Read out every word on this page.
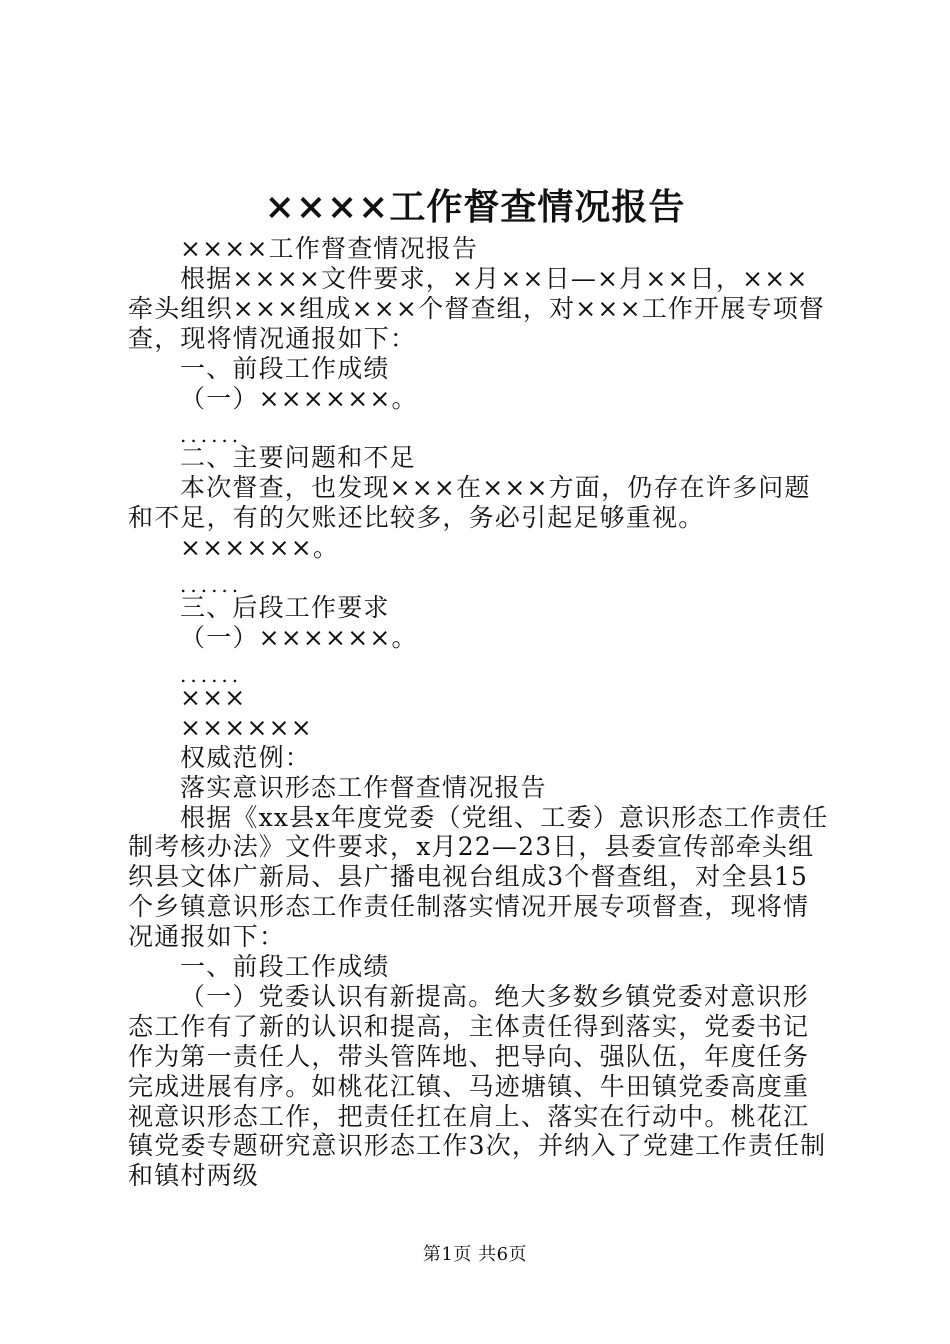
××××工作督查情况报告

××××工作督查情况报告

根据××××文件要求，×月××日—×月××日，×××牵头组织×××组成×××个督查组，对×××工作开展专项督查，现将情况通报如下：

一、前段工作成绩

（一）××××××。

......

二、主要问题和不足

本次督查，也发现×××在×××方面，仍存在许多问题和不足，有的欠账还比较多，务必引起足够重视。

××××××。

......

三、后段工作要求

（一）××××××。

......

×××

××××××

权威范例：

落实意识形态工作督查情况报告

根据《xx县x年度党委（党组、工委）意识形态工作责任制考核办法》文件要求，x月22—23日，县委宣传部牵头组织县文体广新局、县广播电视台组成3个督查组，对全县15个乡镇意识形态工作责任制落实情况开展专项督查，现将情况通报如下：

一、前段工作成绩

（一）党委认识有新提高。绝大多数乡镇党委对意识形态工作有了新的认识和提高，主体责任得到落实，党委书记作为第一责任人，带头管阵地、把导向、强队伍，年度任务完成进展有序。如桃花江镇、马迹塘镇、牛田镇党委高度重视意识形态工作，把责任扛在肩上、落实在行动中。桃花江镇党委专题研究意识形态工作3次，并纳入了党建工作责任制和镇村两级

第1页 共6页
